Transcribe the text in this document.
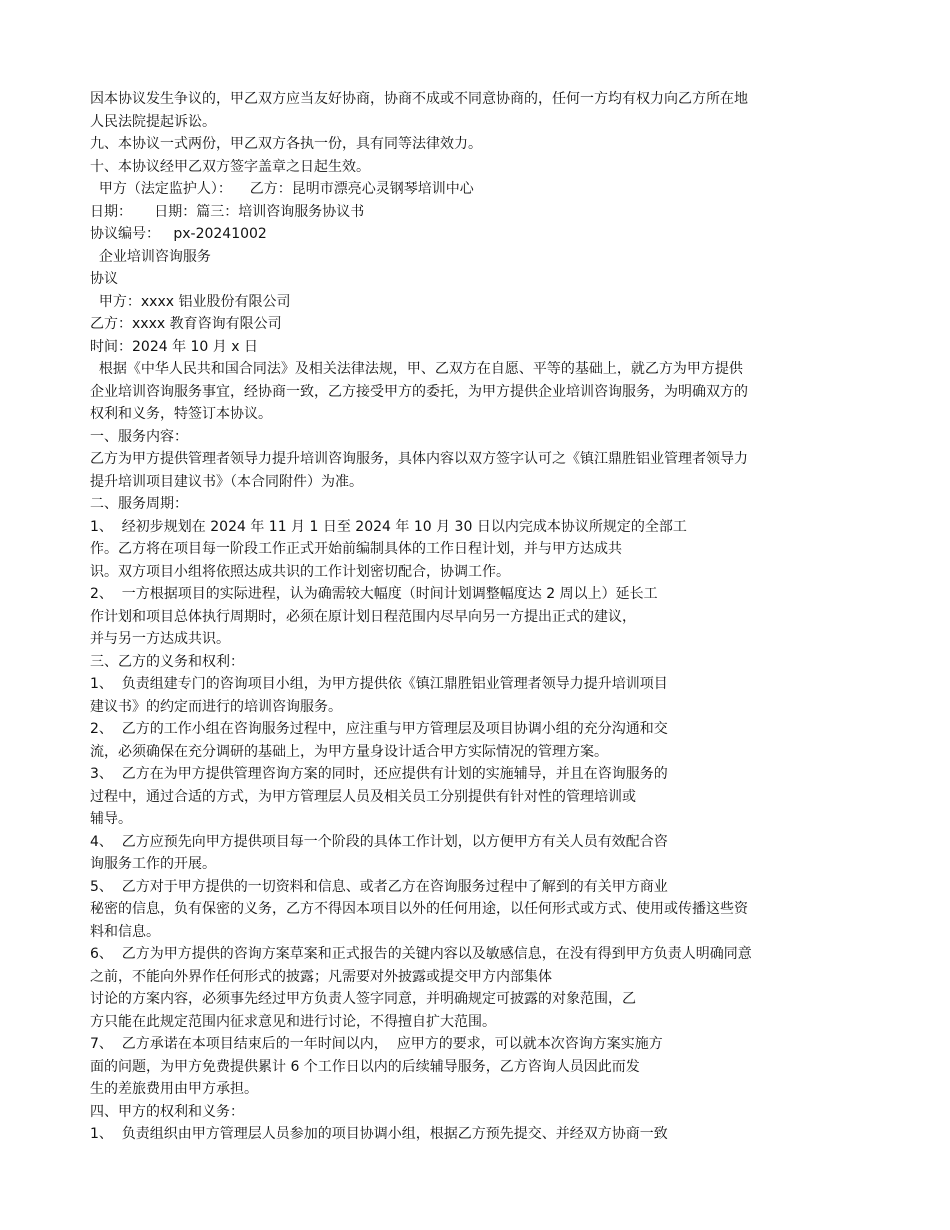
因本协议发生争议的，甲乙双方应当友好协商，协商不成或不同意协商的，任何一方均有权力向乙方所在地
人民法院提起诉讼。
九、本协议一式两份，甲乙双方各执一份，具有同等法律效力。
十、本协议经甲乙双方签字盖章之日起生效。
甲方（法定监护人）：    乙方：昆明市漂亮心灵钢琴培训中心
日期：     日期：篇三：培训咨询服务协议书
协议编号：   px-20241002
企业培训咨询服务
协议
甲方：xxxx 铝业股份有限公司
乙方：xxxx 教育咨询有限公司
时间：2024 年 10 月 x 日
根据《中华人民共和国合同法》及相关法律法规，甲、乙双方在自愿、平等的基础上，就乙方为甲方提供
企业培训咨询服务事宜，经协商一致，乙方接受甲方的委托，为甲方提供企业培训咨询服务，为明确双方的
权利和义务，特签订本协议。
一、服务内容：
乙方为甲方提供管理者领导力提升培训咨询服务，具体内容以双方签字认可之《镇江鼎胜铝业管理者领导力
提升培训项目建议书》（本合同附件）为准。
二、服务周期：
1、  经初步规划在 2024 年 11 月 1 日至 2024 年 10 月 30 日以内完成本协议所规定的全部工
作。乙方将在项目每一阶段工作正式开始前编制具体的工作日程计划，并与甲方达成共
识。双方项目小组将依照达成共识的工作计划密切配合，协调工作。
2、  一方根据项目的实际进程，认为确需较大幅度（时间计划调整幅度达 2 周以上）延长工
作计划和项目总体执行周期时，必须在原计划日程范围内尽早向另一方提出正式的建议，
并与另一方达成共识。
三、乙方的义务和权利：
1、  负责组建专门的咨询项目小组，为甲方提供依《镇江鼎胜铝业管理者领导力提升培训项目
建议书》的约定而进行的培训咨询服务。
2、  乙方的工作小组在咨询服务过程中，应注重与甲方管理层及项目协调小组的充分沟通和交
流，必须确保在充分调研的基础上，为甲方量身设计适合甲方实际情况的管理方案。
3、  乙方在为甲方提供管理咨询方案的同时，还应提供有计划的实施辅导，并且在咨询服务的
过程中，通过合适的方式，为甲方管理层人员及相关员工分别提供有针对性的管理培训或
辅导。
4、  乙方应预先向甲方提供项目每一个阶段的具体工作计划，以方便甲方有关人员有效配合咨
询服务工作的开展。
5、  乙方对于甲方提供的一切资料和信息、或者乙方在咨询服务过程中了解到的有关甲方商业
秘密的信息，负有保密的义务，乙方不得因本项目以外的任何用途，以任何形式或方式、使用或传播这些资
料和信息。
6、  乙方为甲方提供的咨询方案草案和正式报告的关键内容以及敏感信息，在没有得到甲方负责人明确同意
之前，不能向外界作任何形式的披露；凡需要对外披露或提交甲方内部集体
讨论的方案内容，必须事先经过甲方负责人签字同意，并明确规定可披露的对象范围，乙
方只能在此规定范围内征求意见和进行讨论，不得擅自扩大范围。
7、  乙方承诺在本项目结束后的一年时间以内，  应甲方的要求，可以就本次咨询方案实施方
面的问题，为甲方免费提供累计 6 个工作日以内的后续辅导服务，乙方咨询人员因此而发
生的差旅费用由甲方承担。
四、甲方的权利和义务：
1、  负责组织由甲方管理层人员参加的项目协调小组，根据乙方预先提交、并经双方协商一致
